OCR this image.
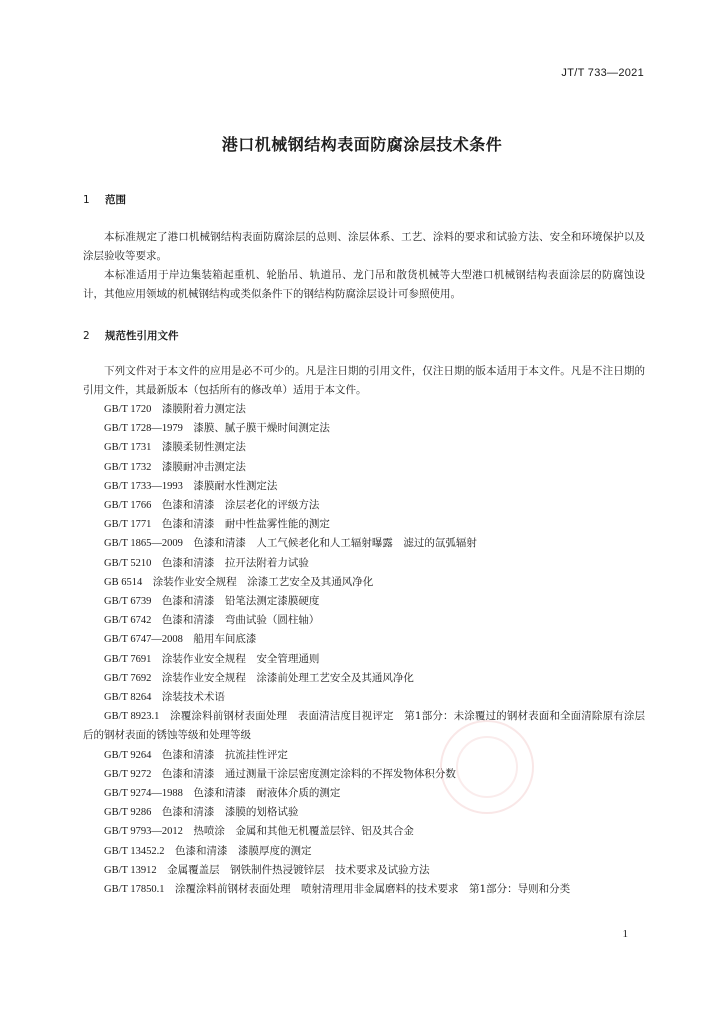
JT/T 733—2021
港口机械钢结构表面防腐涂层技术条件
1 范围
本标准规定了港口机械钢结构表面防腐涂层的总则、涂层体系、工艺、涂料的要求和试验方法、安全和环境保护以及涂层验收等要求。
本标准适用于岸边集装箱起重机、轮胎吊、轨道吊、龙门吊和散货机械等大型港口机械钢结构表面涂层的防腐蚀设计，其他应用领域的机械钢结构或类似条件下的钢结构防腐涂层设计可参照使用。
2 规范性引用文件
下列文件对于本文件的应用是必不可少的。凡是注日期的引用文件，仅注日期的版本适用于本文件。凡是不注日期的引用文件，其最新版本（包括所有的修改单）适用于本文件。
GB/T 1720　 漆膜附着力测定法
GB/T 1728—1979　 漆膜、腻子膜干燥时间测定法
GB/T 1731　 漆膜柔韧性测定法
GB/T 1732　 漆膜耐冲击测定法
GB/T 1733—1993　 漆膜耐水性测定法
GB/T 1766　 色漆和清漆　涂层老化的评级方法
GB/T 1771　 色漆和清漆　耐中性盐雾性能的测定
GB/T 1865—2009　 色漆和清漆　人工气候老化和人工辐射曝露　滤过的氙弧辐射
GB/T 5210　 色漆和清漆　拉开法附着力试验
GB 6514　 涂装作业安全规程　涂漆工艺安全及其通风净化
GB/T 6739　 色漆和清漆　铅笔法测定漆膜硬度
GB/T 6742　 色漆和清漆　弯曲试验（圆柱轴）
GB/T 6747—2008　 船用车间底漆
GB/T 7691　 涂装作业安全规程　安全管理通则
GB/T 7692　 涂装作业安全规程　涂漆前处理工艺安全及其通风净化
GB/T 8264　 涂装技术术语
GB/T 8923.1　 涂覆涂料前钢材表面处理　表面清洁度目视评定　第1部分：未涂覆过的钢材表面和全面清除原有涂层后的钢材表面的锈蚀等级和处理等级
GB/T 9264　 色漆和清漆　抗流挂性评定
GB/T 9272　 色漆和清漆　通过测量干涂层密度测定涂料的不挥发物体积分数
GB/T 9274—1988　 色漆和清漆　耐液体介质的测定
GB/T 9286　 色漆和清漆　漆膜的划格试验
GB/T 9793—2012　 热喷涂　金属和其他无机覆盖层锌、铝及其合金
GB/T 13452.2　 色漆和清漆　漆膜厚度的测定
GB/T 13912　 金属覆盖层　钢铁制件热浸镀锌层　技术要求及试验方法
GB/T 17850.1　 涂覆涂料前钢材表面处理　喷射清理用非金属磨料的技术要求　第1部分：导则和分类
1
